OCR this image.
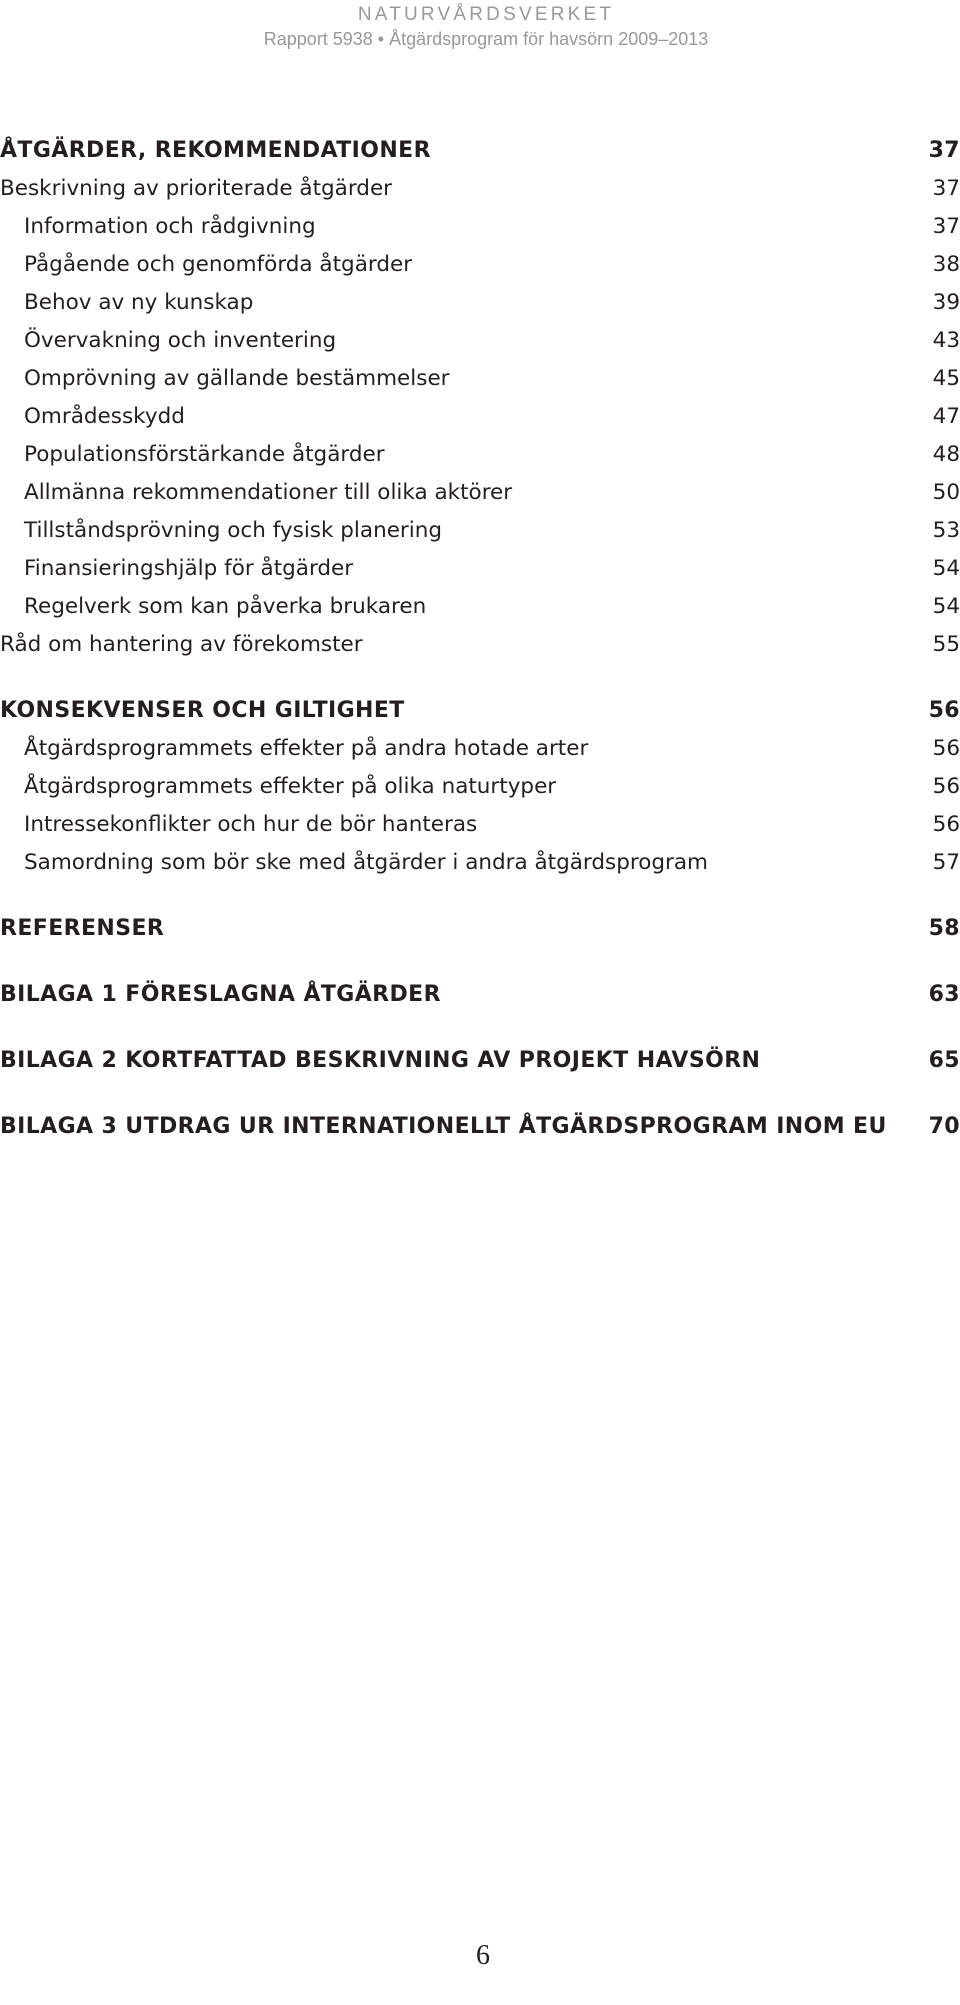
NATURVÅRDSVERKET
Rapport 5938 • Åtgärdsprogram för havsörn 2009–2013
ÅTGÄRDER, REKOMMENDATIONER	37
Beskrivning av prioriterade åtgärder	37
Information och rådgivning	37
Pågående och genomförda åtgärder	38
Behov av ny kunskap	39
Övervakning och inventering	43
Omprövning av gällande bestämmelser	45
Områdesskydd	47
Populationsförstärkande åtgärder	48
Allmänna rekommendationer till olika aktörer	50
Tillståndsprövning och fysisk planering	53
Finansieringshjälp för åtgärder	54
Regelverk som kan påverka brukaren	54
Råd om hantering av förekomster	55
KONSEKVENSER OCH GILTIGHET	56
Åtgärdsprogrammets effekter på andra hotade arter	56
Åtgärdsprogrammets effekter på olika naturtyper	56
Intressekonflikter och hur de bör hanteras	56
Samordning som bör ske med åtgärder i andra åtgärdsprogram	57
REFERENSER	58
BILAGA 1 FÖRESLAGNA ÅTGÄRDER	63
BILAGA 2 KORTFATTAD BESKRIVNING AV PROJEKT HAVSÖRN	65
BILAGA 3 UTDRAG UR INTERNATIONELLT ÅTGÄRDSPROGRAM INOM EU 70
6
